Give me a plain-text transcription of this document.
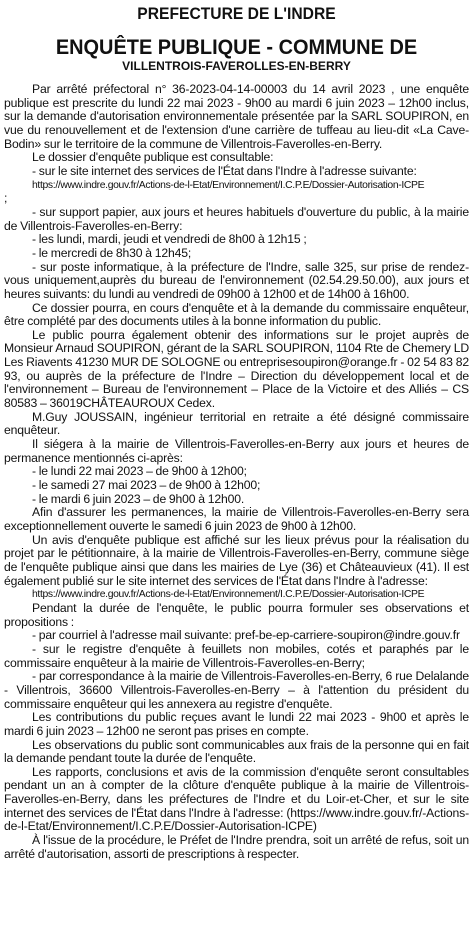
PREFECTURE DE L'INDRE

ENQUÊTE PUBLIQUE - COMMUNE DE

VILLENTROIS-FAVEROLLES-EN-BERRY

Par arrêté préfectoral n° 36-2023-04-14-00003 du 14 avril 2023 , une enquête publique est prescrite du lundi 22 mai 2023 - 9h00 au mardi 6 juin 2023 – 12h00 inclus, sur la demande d'autorisation environnementale présentée par la SARL SOUPIRON, en vue du renouvellement et de l'extension d'une carrière de tuffeau au lieu-dit «La Cave-Bodin» sur le territoire de la commune de Villentrois-Faverolles-en-Berry.

Le dossier d'enquête publique est consultable:

- sur le site internet des services de l'État dans l'Indre à l'adresse suivante:

https://www.indre.gouv.fr/Actions-de-l-Etat/Environnement/I.C.P.E/Dossier-Autorisation-ICPE

;

- sur support papier, aux jours et heures habituels d'ouverture du public, à la mairie de Villentrois-Faverolles-en-Berry:

- les lundi, mardi, jeudi et vendredi de 8h00 à 12h15 ;

- le mercredi de 8h30 à 12h45;

- sur poste informatique, à la préfecture de l'Indre, salle 325, sur prise de rendez-vous uniquement,auprès du bureau de l'environnement (02.54.29.50.00), aux jours et heures suivants: du lundi au vendredi de 09h00 à 12h00 et de 14h00 à 16h00.

Ce dossier pourra, en cours d'enquête et à la demande du commissaire enquêteur, être complété par des documents utiles à la bonne information du public.

Le public pourra également obtenir des informations sur le projet auprès de Monsieur Arnaud SOUPIRON, gérant de la SARL SOUPIRON, 1104 Rte de Chemery LD Les Riavents 41230 MUR DE SOLOGNE ou entreprisesoupiron@orange.fr - 02 54 83 82 93, ou auprès de la préfecture de l'Indre – Direction du développement local et de l'environnement – Bureau de l'environnement – Place de la Victoire et des Alliés – CS 80583 – 36019CHÂTEAUROUX Cedex.

M.Guy JOUSSAIN, ingénieur territorial en retraite a été désigné commissaire enquêteur.

Il siégera à la mairie de Villentrois-Faverolles-en-Berry aux jours et heures de permanence mentionnés ci-après:

- le lundi 22 mai 2023 – de 9h00 à 12h00;

- le samedi 27 mai 2023 – de 9h00 à 12h00;

- le mardi 6 juin 2023 – de 9h00 à 12h00.

Afin d'assurer les permanences, la mairie de Villentrois-Faverolles-en-Berry sera exceptionnellement ouverte le samedi 6 juin 2023 de 9h00 à 12h00.

Un avis d'enquête publique est affiché sur les lieux prévus pour la réalisation du projet par le pétitionnaire, à la mairie de Villentrois-Faverolles-en-Berry, commune siège de l'enquête publique ainsi que dans les mairies de Lye (36) et Châteauvieux (41). Il est également publié sur le site internet des services de l'État dans l'Indre à l'adresse:

https://www.indre.gouv.fr/Actions-de-l-Etat/Environnement/I.C.P.E/Dossier-Autorisation-ICPE

Pendant la durée de l'enquête, le public pourra formuler ses observations et propositions :

- par courriel à l'adresse mail suivante: pref-be-ep-carriere-soupiron@indre.gouv.fr

- sur le registre d'enquête à feuillets non mobiles, cotés et paraphés par le commissaire enquêteur à la mairie de Villentrois-Faverolles-en-Berry;

- par correspondance à la mairie de Villentrois-Faverolles-en-Berry, 6 rue Delalande - Villentrois, 36600 Villentrois-Faverolles-en-Berry – à l'attention du président du commissaire enquêteur qui les annexera au registre d'enquête.

Les contributions du public reçues avant le lundi 22 mai 2023 - 9h00 et après le mardi 6 juin 2023 – 12h00 ne seront pas prises en compte.

Les observations du public sont communicables aux frais de la personne qui en fait la demande pendant toute la durée de l'enquête.

Les rapports, conclusions et avis de la commission d'enquête seront consultables pendant un an à compter de la clôture d'enquête publique à la mairie de Villentrois-Faverolles-en-Berry, dans les préfectures de l'Indre et du Loir-et-Cher, et sur le site internet des services de l'État dans l'Indre à l'adresse: (https://www.indre.gouv.fr/-Actions-de-l-Etat/Environnement/I.C.P.E/Dossier-Autorisation-ICPE)

À l'issue de la procédure, le Préfet de l'Indre prendra, soit un arrêté de refus, soit un arrêté d'autorisation, assorti de prescriptions à respecter.
